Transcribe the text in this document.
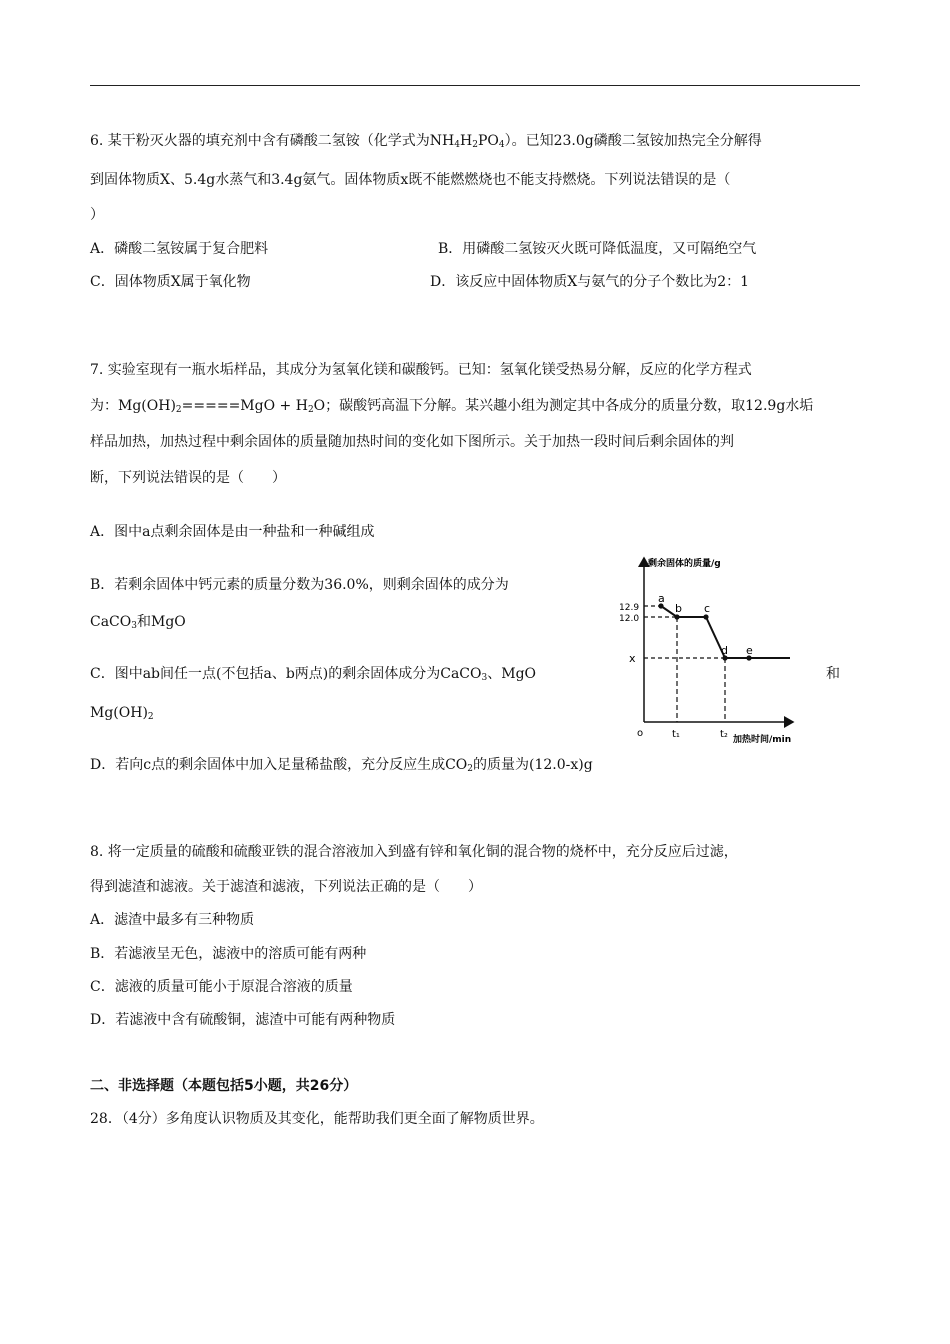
6. 某干粉灭火器的填充剂中含有磷酸二氢铵（化学式为$NH_4H_2PO_4$）。已知23.0g磷酸二氢铵加热完全分解得
到固体物质X、5.4g水蒸气和3.4g氨气。固体物质x既不能燃燃烧也不能支持燃烧。下列说法错误的是（
）
A．磷酸二氢铵属于复合肥料	B．用磷酸二氢铵灭火既可降低温度，又可隔绝空气
C．固体物质X属于氧化物	D．该反应中固体物质X与氨气的分子个数比为2：1
7. 实验室现有一瓶水垢样品，其成分为氢氧化镁和碳酸钙。已知：氢氧化镁受热易分解，反应的化学方程式
为：$Mg(OH)_2=====MgO + H_2O$；碳酸钙高温下分解。某兴趣小组为测定其中各成分的质量分数，取12.9g水垢
样品加热，加热过程中剩余固体的质量随加热时间的变化如下图所示。关于加热一段时间后剩余固体的判
断，下列说法错误的是（　　）
A．图中a点剩余固体是由一种盐和一种碱组成
B．若剩余固体中钙元素的质量分数为36.0%，则剩余固体的成分为
CaCO$_3$和MgO
C．图中ab间任一点(不包括a、b两点)的剩余固体成分为CaCO$_3$、MgO	和
$Mg(OH)_2$
D．若向c点的剩余固体中加入足量稀盐酸，充分反应生成$CO_2$的质量为(12.0-x)g
剩余固体的质量/g
加热时间/min
o
12.9
12.0
x
a
b c
d e
t₁	t₂
8. 将一定质量的硫酸和硫酸亚铁的混合溶液加入到盛有锌和氧化铜的混合物的烧杯中，充分反应后过滤，
得到滤渣和滤液。关于滤渣和滤液，下列说法正确的是（　　）
A．滤渣中最多有三种物质
B．若滤液呈无色，滤液中的溶质可能有两种
C．滤液的质量可能小于原混合溶液的质量
D．若滤液中含有硫酸铜，滤渣中可能有两种物质
二、非选择题（本题包括5小题，共26分）
28．（4分）多角度认识物质及其变化，能帮助我们更全面了解物质世界。
